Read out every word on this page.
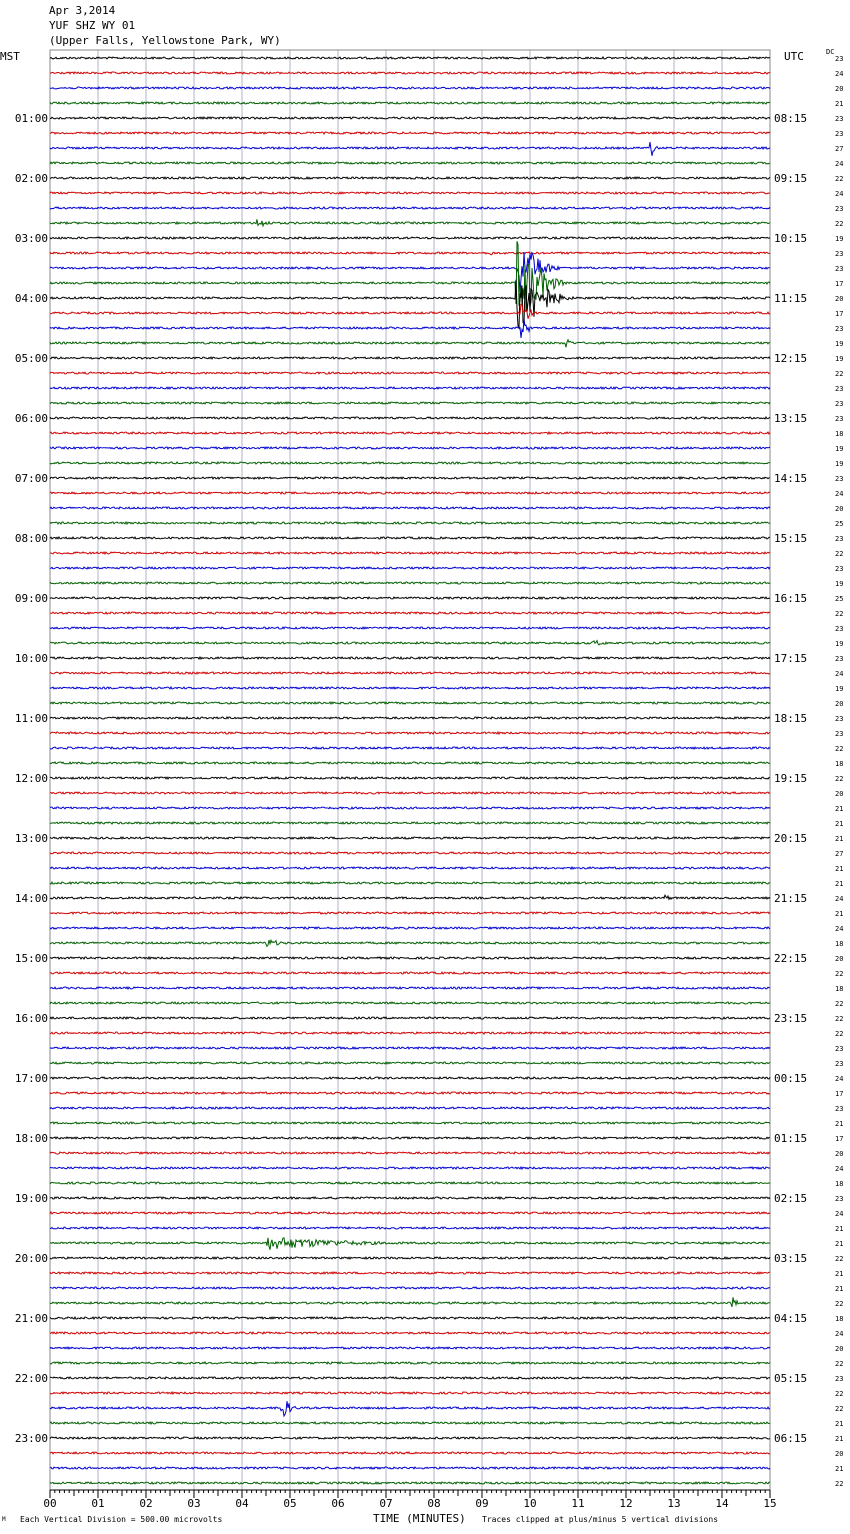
Apr 3,2014
YUF SHZ WY 01
(Upper Falls, Yellowstone Park, WY)
MST	UTC	DC
23
24
20
21
23
23
27
24
22
24
23
22
19
23
23
17
20
17
23
19
19
22
23
23
23
18
19
19
23
24
20
25
23
22
23
19
25
22
23
19
23
24
19
20
23
23
22
18
22
20
21
21
21
27
21
21
24
21
24
18
20
22
18
22
22
22
23
23
24
17
23
21
17
20
24
18
23
24
21
21
22
21
21
22
18
24
20
22
23
22
22
21
21
20
21
22
01:00
02:00
03:00
04:00
05:00
06:00
07:00
08:00
09:00
10:00
11:00
12:00
13:00
14:00
15:00
16:00
17:00
18:00
19:00
20:00
21:00
22:00
23:00
08:15
09:15
10:15
11:15
12:15
13:15
14:15
15:15
16:15
17:15
18:15
19:15
20:15
21:15
22:15
23:15
00:15
01:15
02:15
03:15
04:15
05:15
06:15
00	01	02	03	04	05	06	07	08	09	10	11	12	13	14	15
M Each Vertical Division = 500.00 microvolts	TIME (MINUTES) Traces clipped at plus/minus 5 vertical divisions
